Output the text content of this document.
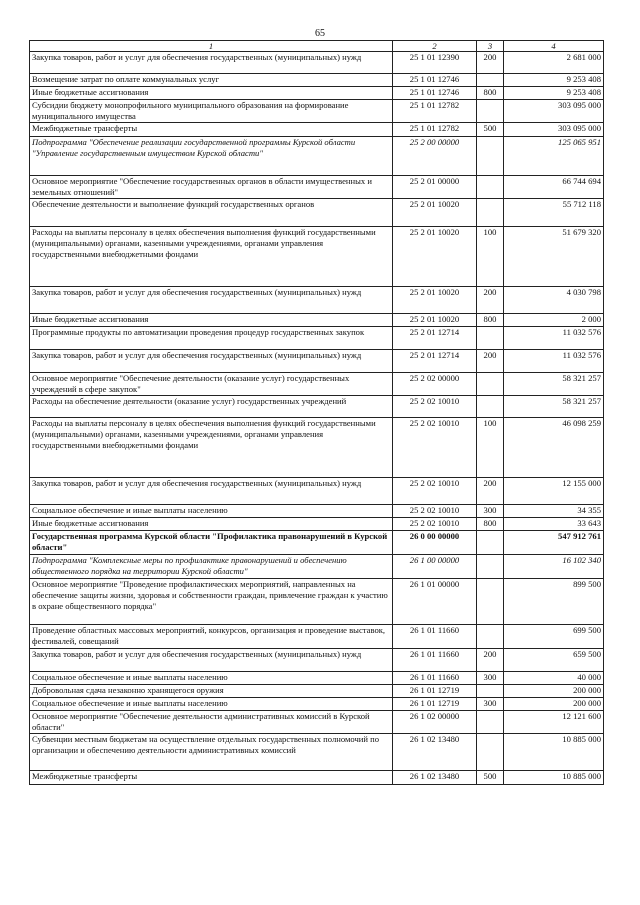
65
1	2	3	4
Закупка товаров, работ и услуг для обеспечения государственных (муниципальных) нужд	25 1 01 12390	200	2 681 000
Возмещение затрат по оплате коммунальных услуг	25 1 01 12746		9 253 408
Иные бюджетные ассигнования	25 1 01 12746	800	9 253 408
Субсидии бюджету монопрофильного муниципального образования на формирование муниципального имущества	25 1 01 12782		303 095 000
Межбюджетные трансферты	25 1 01 12782	500	303 095 000
Подпрограмма "Обеспечение реализации государственной программы Курской области "Управление государственным имуществом Курской области"	25 2 00 00000		125 065 951
Основное мероприятие "Обеспечение государственных органов в области имущественных и земельных отношений"	25 2 01 00000		66 744 694
Обеспечение деятельности и выполнение функций государственных органов	25 2 01 10020		55 712 118
Расходы на выплаты персоналу в целях обеспечения выполнения функций государственными (муниципальными) органами, казенными учреждениями, органами управления государственными внебюджетными фондами	25 2 01 10020	100	51 679 320
Закупка товаров, работ и услуг для обеспечения государственных (муниципальных) нужд	25 2 01 10020	200	4 030 798
Иные бюджетные ассигнования	25 2 01 10020	800	2 000
Программные продукты по автоматизации проведения процедур государственных закупок	25 2 01 12714		11 032 576
Закупка товаров, работ и услуг для обеспечения государственных (муниципальных) нужд	25 2 01 12714	200	11 032 576
Основное мероприятие "Обеспечение деятельности (оказание услуг) государственных учреждений в сфере закупок"	25 2 02 00000		58 321 257
Расходы на обеспечение деятельности (оказание услуг) государственных учреждений	25 2 02 10010		58 321 257
Расходы на выплаты персоналу в целях обеспечения выполнения функций государственными (муниципальными) органами, казенными учреждениями, органами управления государственными внебюджетными фондами	25 2 02 10010	100	46 098 259
Закупка товаров, работ и услуг для обеспечения государственных (муниципальных) нужд	25 2 02 10010	200	12 155 000
Социальное обеспечение и иные выплаты населению	25 2 02 10010	300	34 355
Иные бюджетные ассигнования	25 2 02 10010	800	33 643
Государственная программа Курской области "Профилактика правонарушений в Курской области"	26 0 00 00000		547 912 761
Подпрограмма "Комплексные меры по профилактике правонарушений и обеспечению общественного порядка на территории Курской области"	26 1 00 00000		16 102 340
Основное мероприятие "Проведение профилактических мероприятий, направленных на обеспечение защиты жизни, здоровья и собственности граждан, привлечение граждан к участию в охране общественного порядка"	26 1 01 00000		899 500
Проведение областных массовых мероприятий, конкурсов, организация и проведение выставок, фестивалей, совещаний	26 1 01 11660		699 500
Закупка товаров, работ и услуг для обеспечения государственных (муниципальных) нужд	26 1 01 11660	200	659 500
Социальное обеспечение и иные выплаты населению	26 1 01 11660	300	40 000
Добровольная сдача незаконно хранящегося оружия	26 1 01 12719		200 000
Социальное обеспечение и иные выплаты населению	26 1 01 12719	300	200 000
Основное мероприятие "Обеспечение деятельности административных комиссий в Курской области"	26 1 02 00000		12 121 600
Субвенции местным бюджетам на осуществление отдельных государственных полномочий по организации и обеспечению деятельности административных комиссий	26 1 02 13480		10 885 000
Межбюджетные трансферты	26 1 02 13480	500	10 885 000
